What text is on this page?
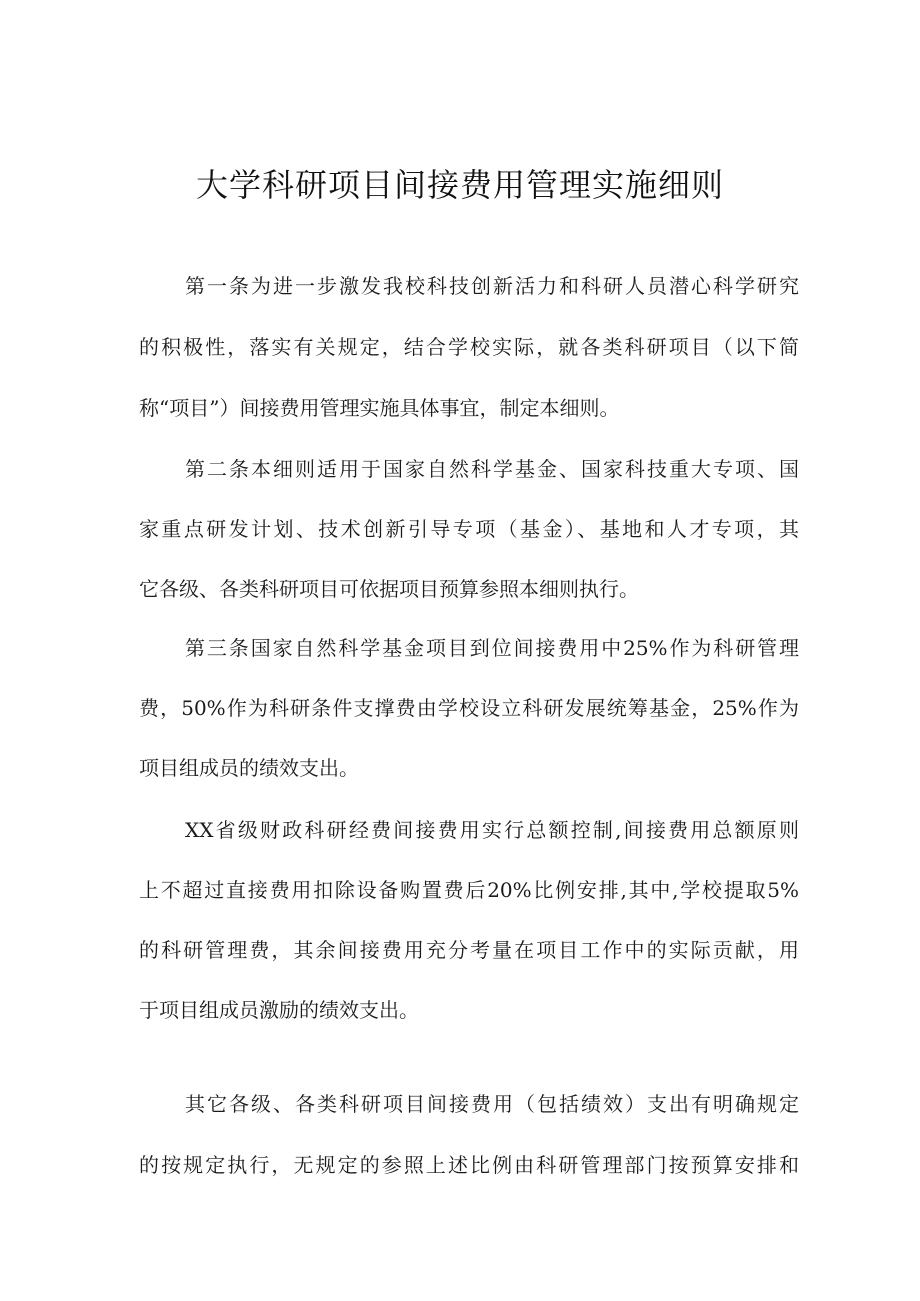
大学科研项目间接费用管理实施细则
第一条为进一步激发我校科技创新活力和科研人员潜心科学研究
的积极性，落实有关规定，结合学校实际，就各类科研项目（以下简
称“项目”）间接费用管理实施具体事宜，制定本细则。
第二条本细则适用于国家自然科学基金、国家科技重大专项、国
家重点研发计划、技术创新引导专项（基金）、基地和人才专项，其
它各级、各类科研项目可依据项目预算参照本细则执行。
第三条国家自然科学基金项目到位间接费用中25%作为科研管理
费，50%作为科研条件支撑费由学校设立科研发展统筹基金，25%作为
项目组成员的绩效支出。
XX省级财政科研经费间接费用实行总额控制,间接费用总额原则
上不超过直接费用扣除设备购置费后20%比例安排,其中,学校提取5%
的科研管理费，其余间接费用充分考量在项目工作中的实际贡献，用
于项目组成员激励的绩效支出。
其它各级、各类科研项目间接费用（包括绩效）支出有明确规定
的按规定执行，无规定的参照上述比例由科研管理部门按预算安排和
